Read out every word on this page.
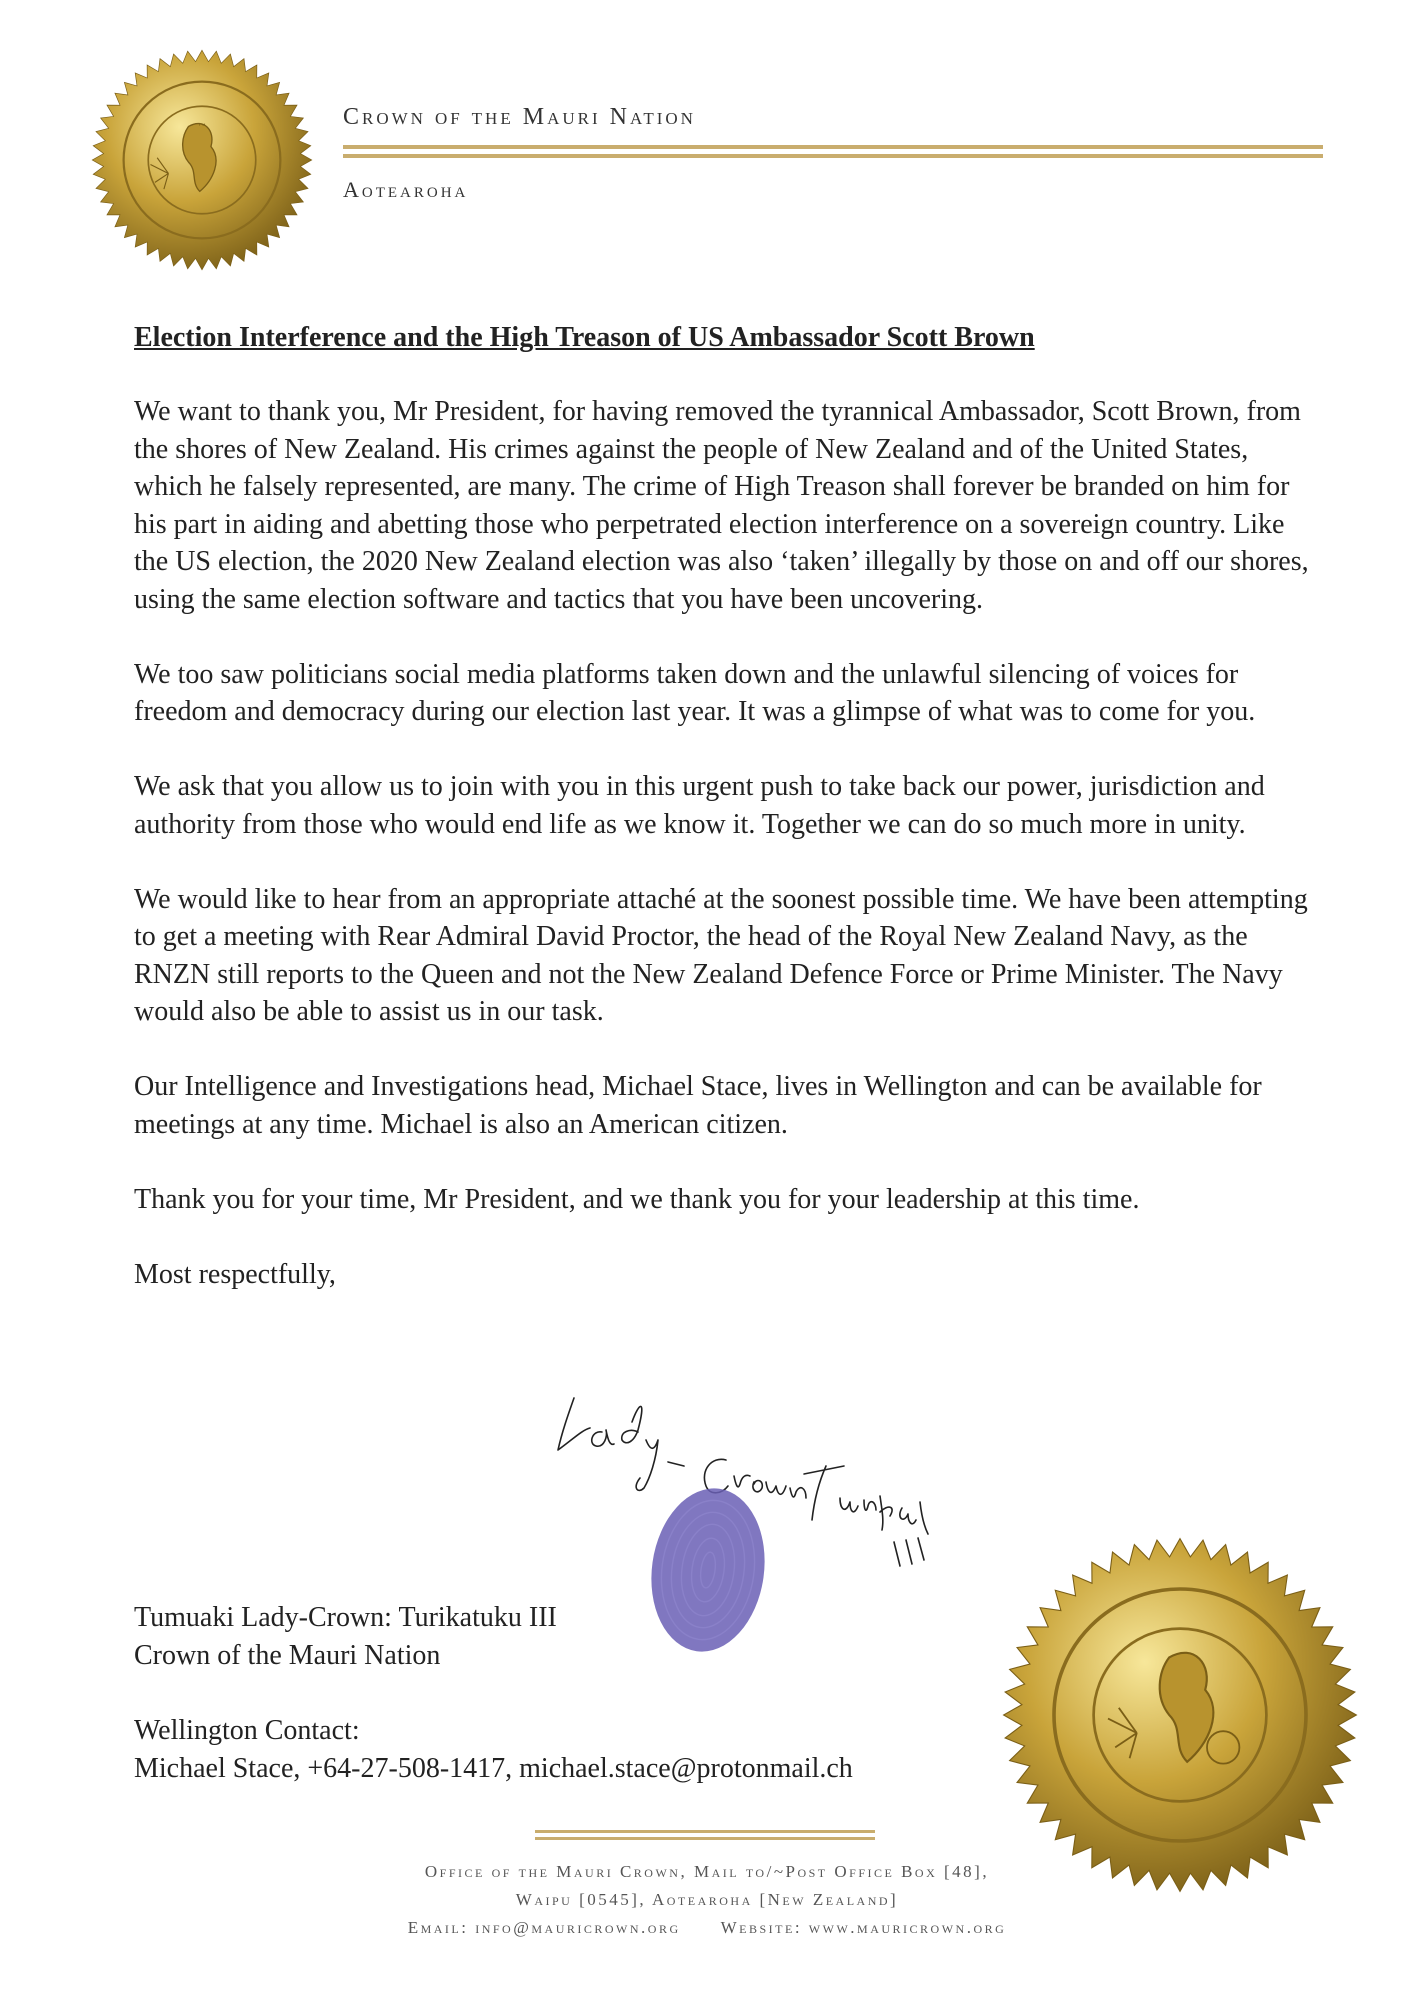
~	Crown of the Mauri Nation
Aotearoha
Election Interference and the High Treason of US Ambassador Scott Brown

We want to thank you, Mr President, for having removed the tyrannical Ambassador, Scott Brown, from the shores of New Zealand. His crimes against the people of New Zealand and of the United States, which he falsely represented, are many. The crime of High Treason shall forever be branded on him for his part in aiding and abetting those who perpetrated election interference on a sovereign country. Like the US election, the 2020 New Zealand election was also ‘taken’ illegally by those on and off our shores, using the same election software and tactics that you have been uncovering.

We too saw politicians social media platforms taken down and the unlawful silencing of voices for freedom and democracy during our election last year. It was a glimpse of what was to come for you.

We ask that you allow us to join with you in this urgent push to take back our power, jurisdiction and authority from those who would end life as we know it. Together we can do so much more in unity.

We would like to hear from an appropriate attaché at the soonest possible time. We have been attempting to get a meeting with Rear Admiral David Proctor, the head of the Royal New Zealand Navy, as the RNZN still reports to the Queen and not the New Zealand Defence Force or Prime Minister. The Navy would also be able to assist us in our task.

Our Intelligence and Investigations head, Michael Stace, lives in Wellington and can be available for meetings at any time. Michael is also an American citizen.

Thank you for your time, Mr President, and we thank you for your leadership at this time.

Most respectfully,

Tumuaki Lady-Crown: Turikatuku III
Crown of the Mauri Nation
Wellington Contact:
Michael Stace, +64-27-508-1417, michael.stace@protonmail.ch
Office of the Mauri Crown, Mail to/~Post Office Box [48],
Waipu [0545], Aotearoha [New Zealand]
Email: info@mauricrown.org Website: www.mauricrown.org
